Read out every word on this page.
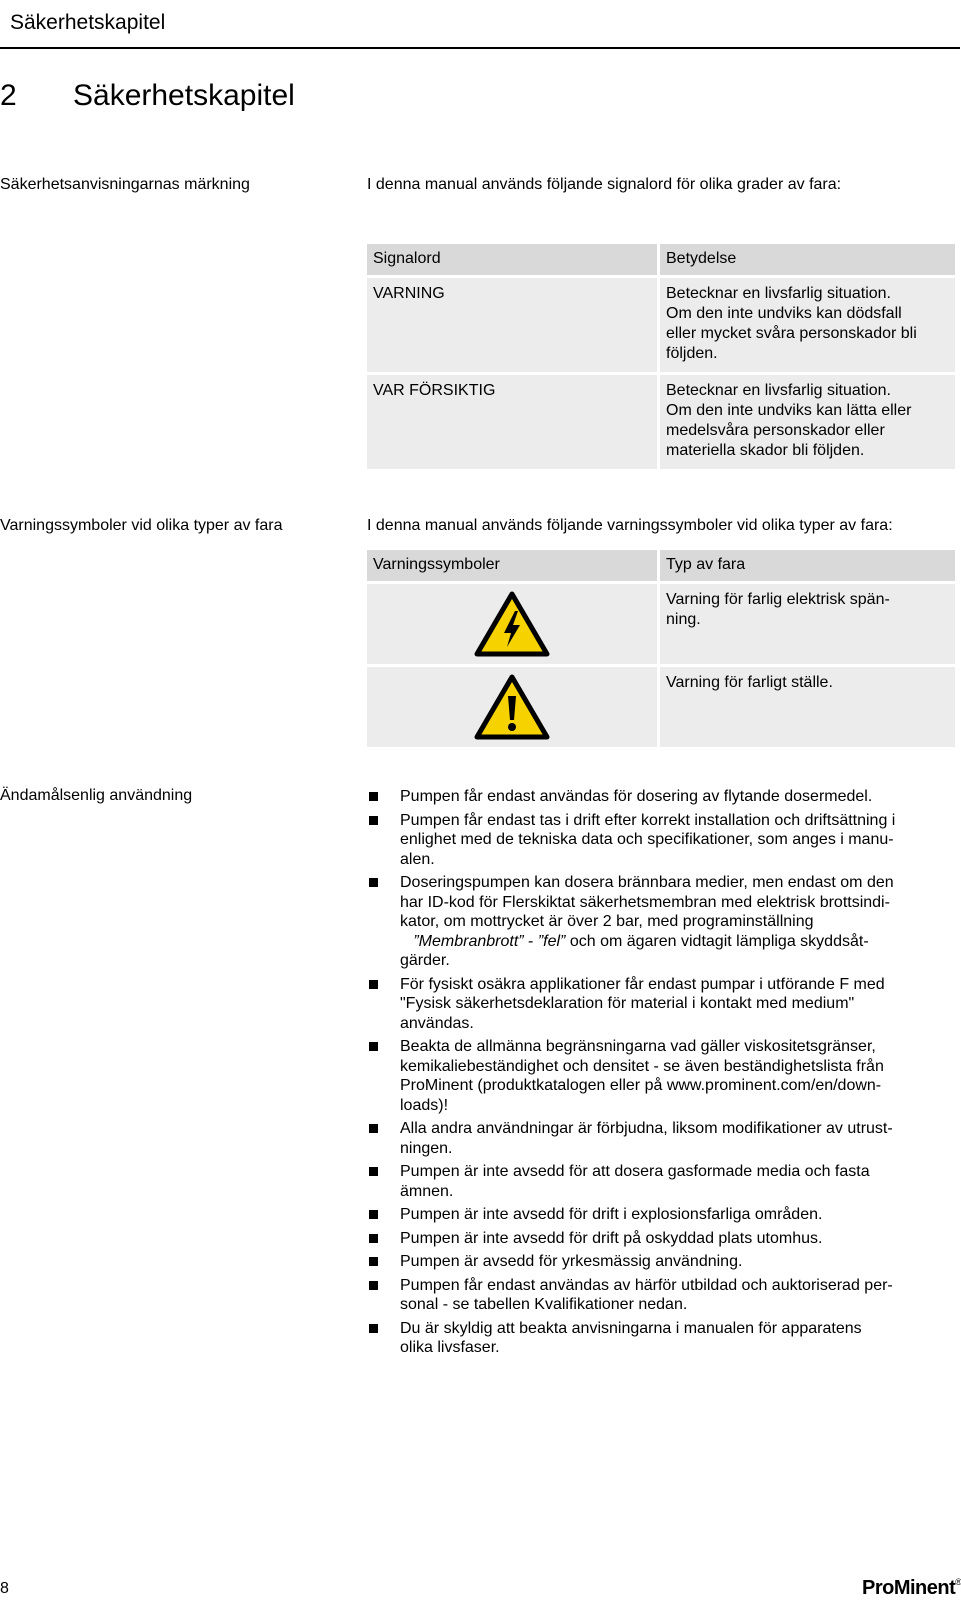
Säkerhetskapitel
2 Säkerhetskapitel
Säkerhetsanvisningarnas märkning	I denna manual används följande signalord för olika grader av fara:
Signalord	Betydelse
VARNING	Betecknar en livsfarlig situation.
Om den inte undviks kan dödsfall
eller mycket svåra personskador bli
följden.
VAR FÖRSIKTIG	Betecknar en livsfarlig situation.
Om den inte undviks kan lätta eller
medelsvåra personskador eller
materiella skador bli följden.
Varningssymboler vid olika typer av fara	I denna manual används följande varningssymboler vid olika typer av fara:
Varningssymboler	Typ av fara
Varning för farlig elektrisk spän-
ning.
Varning för farligt ställe.
Ändamålsenlig användning	Pumpen får endast användas för dosering av flytande dosermedel.
Pumpen får endast tas i drift efter korrekt installation och driftsättning i
enlighet med de tekniska data och specifikationer, som anges i manu-
alen.
Doseringspumpen kan dosera brännbara medier, men endast om den
har ID-kod för Flerskiktat säkerhetsmembran med elektrisk brottsindi-
kator, om mottrycket är över 2 bar, med programinställning
”Membranbrott” - ”fel” och om ägaren vidtagit lämpliga skyddsåt-
gärder.
För fysiskt osäkra applikationer får endast pumpar i utförande F med
"Fysisk säkerhetsdeklaration för material i kontakt med medium"
användas.
Beakta de allmänna begränsningarna vad gäller viskositetsgränser,
kemikaliebeständighet och densitet - se även beständighetslista från
ProMinent (produktkatalogen eller på www.prominent.com/en/down-
loads)!
Alla andra användningar är förbjudna, liksom modifikationer av utrust-
ningen.
Pumpen är inte avsedd för att dosera gasformade media och fasta
ämnen.
Pumpen är inte avsedd för drift i explosionsfarliga områden.
Pumpen är inte avsedd för drift på oskyddad plats utomhus.
Pumpen är avsedd för yrkesmässig användning.
Pumpen får endast användas av härför utbildad och auktoriserad per-
sonal - se tabellen Kvalifikationer nedan.
Du är skyldig att beakta anvisningarna i manualen för apparatens
olika livsfaser.
8	ProMinent®
